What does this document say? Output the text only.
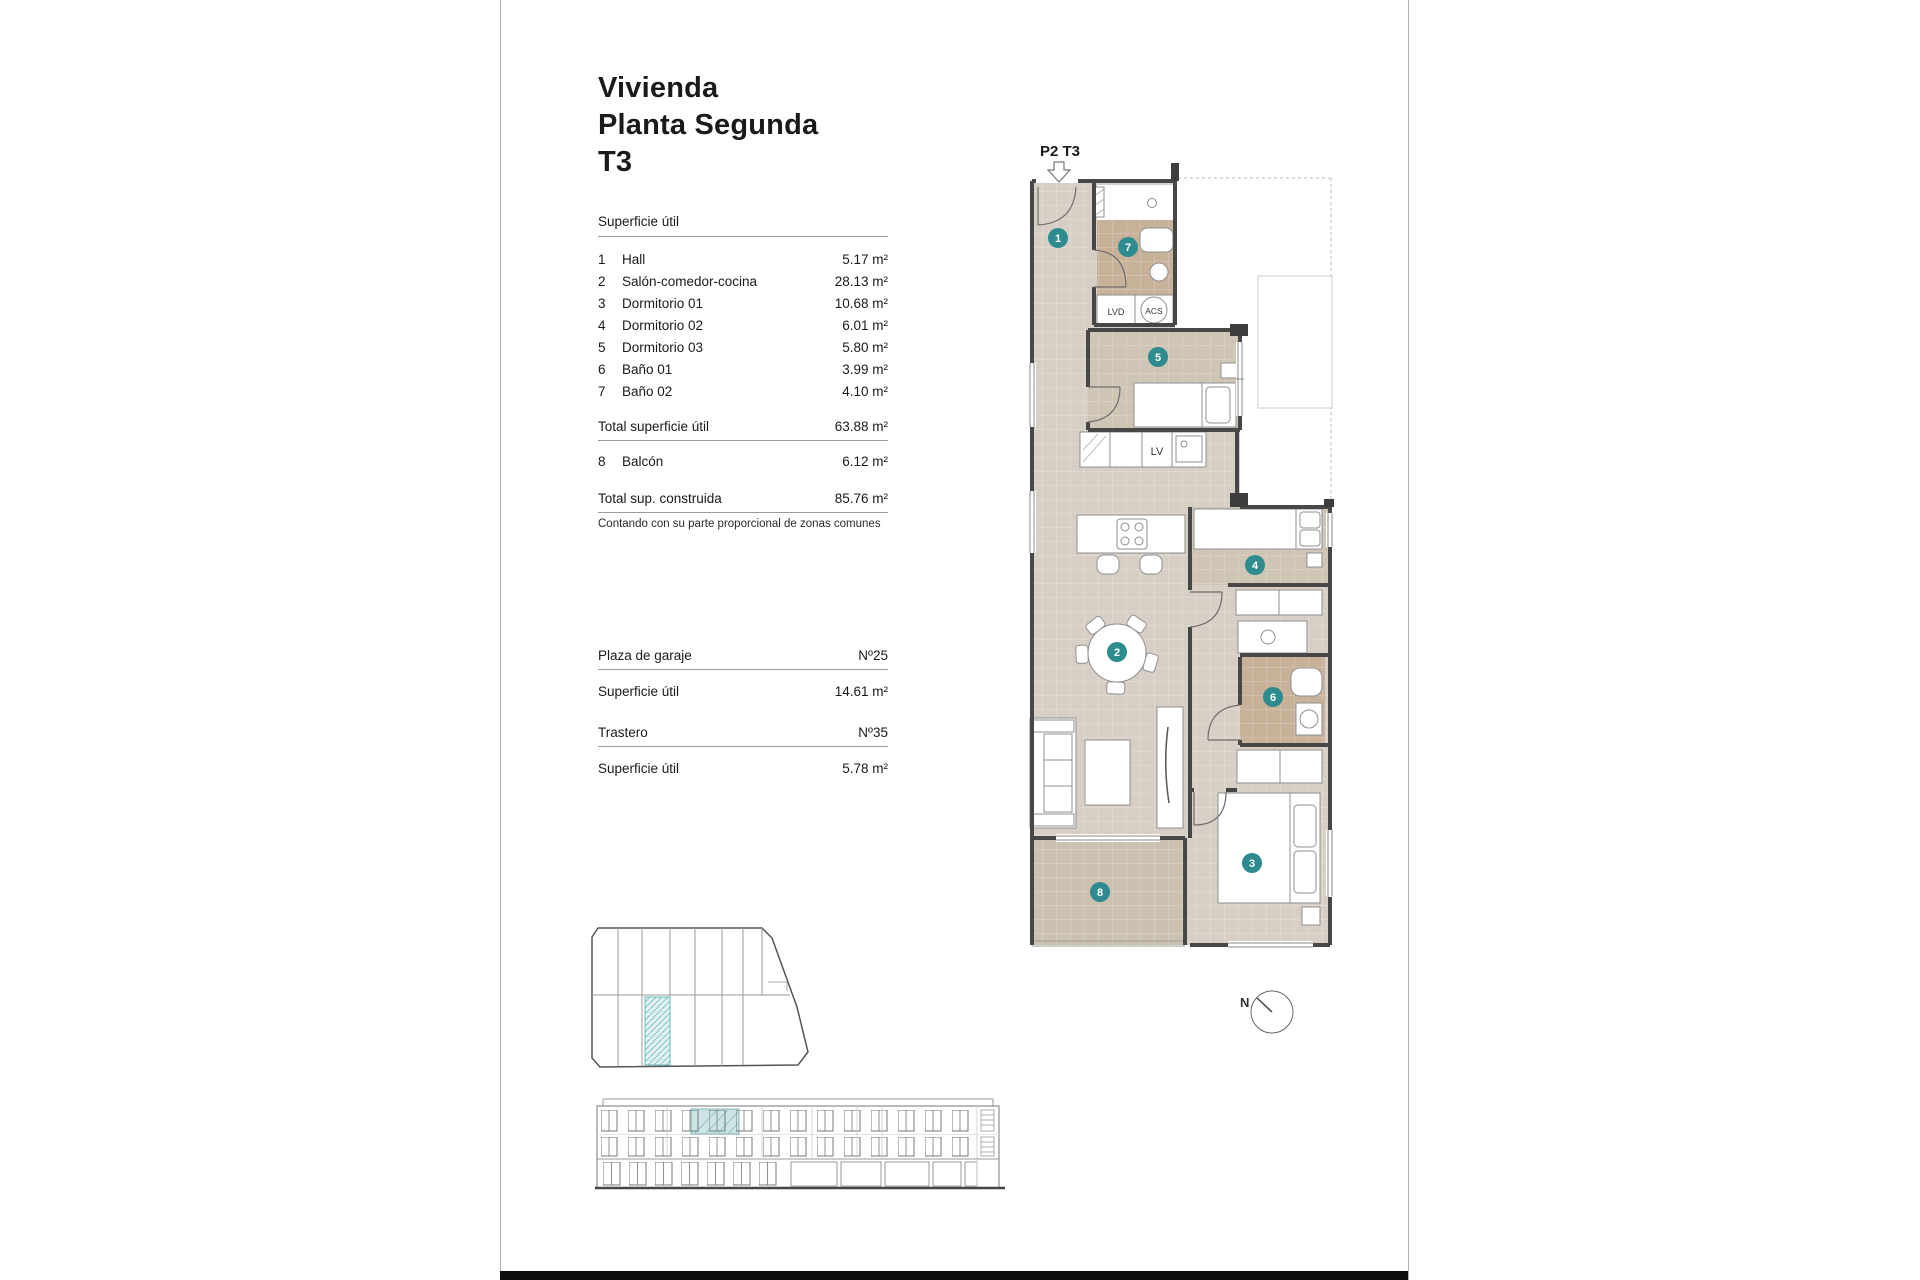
Vivienda
Planta Segunda
T3
Superficie útil
1	Hall	5.17 m²
2	Salón-comedor-cocina	28.13 m²
3	Dormitorio 01	10.68 m²
4	Dormitorio 02	6.01 m²
5	Dormitorio 03	5.80 m²
6	Baño 01	3.99 m²
7	Baño 02	4.10 m²
Total superficie útil	63.88 m²
8	Balcón	6.12 m²
Total sup. construida	85.76 m²
Contando con su parte proporcional de zonas comunes
Plaza de garaje	Nº25
Superficie útil	14.61 m²
Trastero	Nº35
Superficie útil	5.78 m²
P2 T3
LVD ACS
LV
1
2
3
4
5
6
7
8
N
